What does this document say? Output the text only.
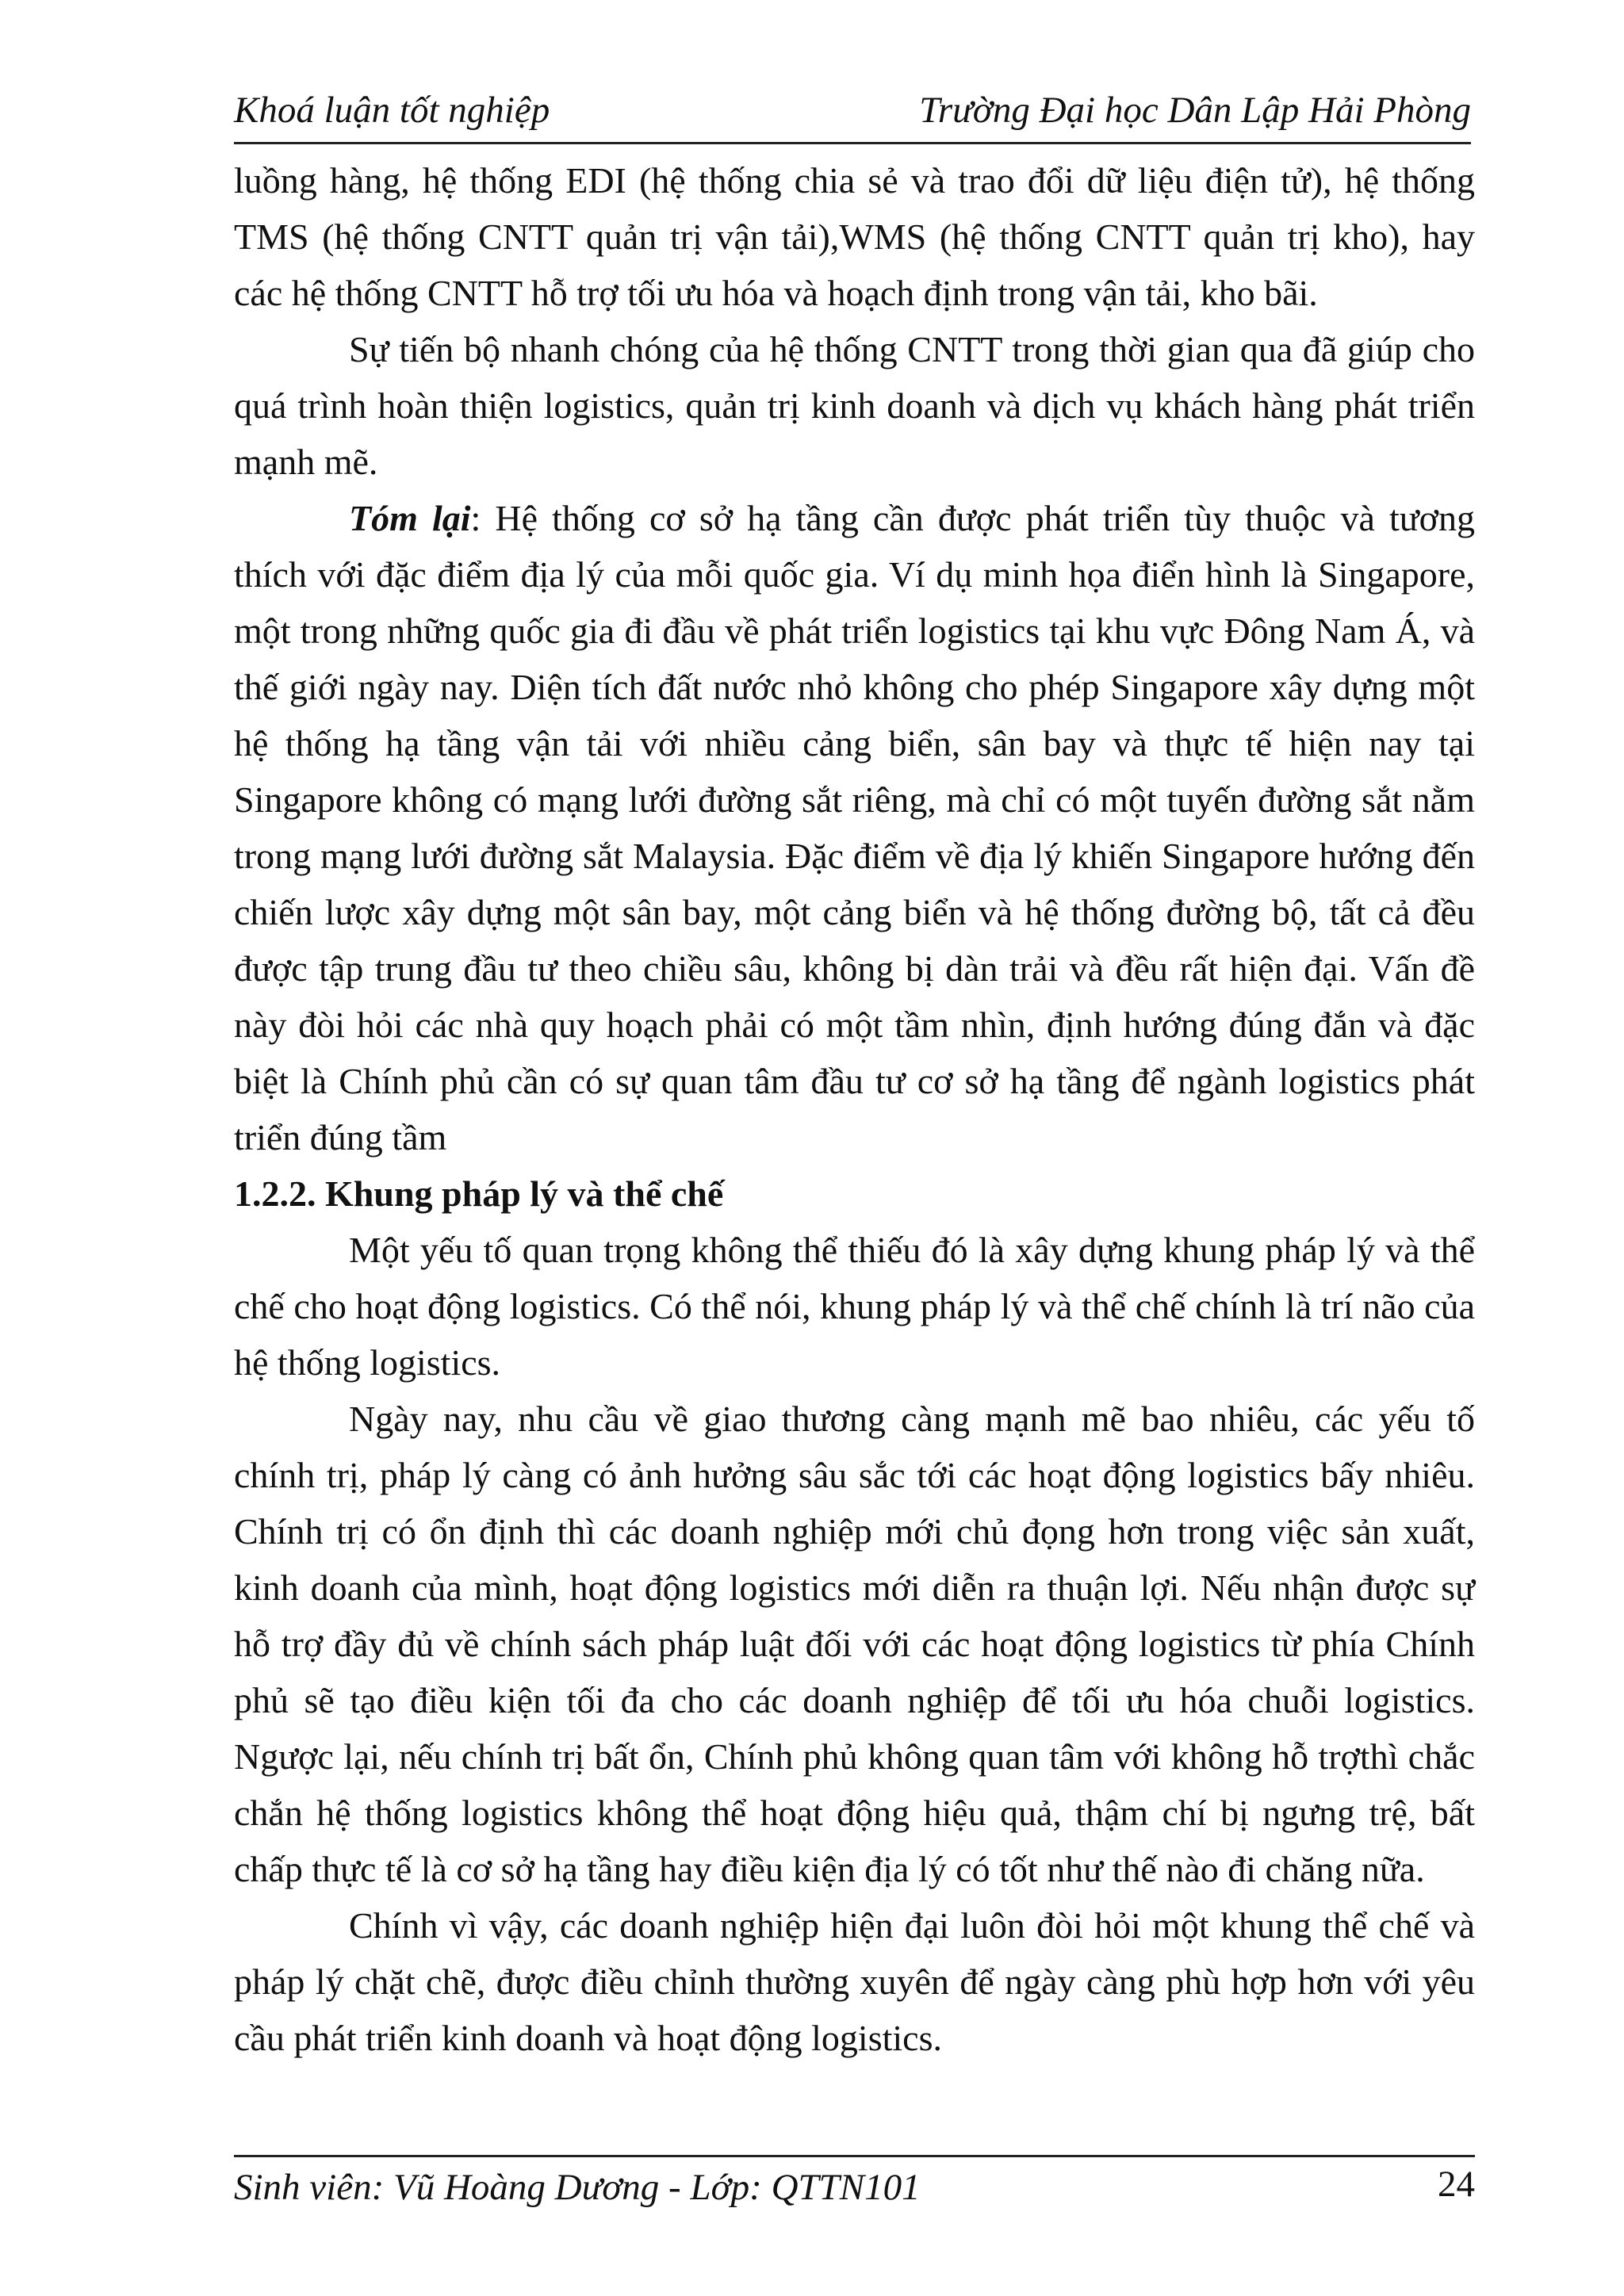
Khoá luận tốt nghiệp	Trường Đại học Dân Lập Hải Phòng

luồng hàng, hệ thống EDI (hệ thống chia sẻ và trao đổi dữ liệu điện tử), hệ thống TMS (hệ thống CNTT quản trị vận tải),WMS (hệ thống CNTT quản trị kho), hay các hệ thống CNTT hỗ trợ tối ưu hóa và hoạch định trong vận tải, kho bãi.

Sự tiến bộ nhanh chóng của hệ thống CNTT trong thời gian qua đã giúp cho quá trình hoàn thiện logistics, quản trị kinh doanh và dịch vụ khách hàng phát triển mạnh mẽ.

Tóm lại: Hệ thống cơ sở hạ tầng cần được phát triển tùy thuộc và tương thích với đặc điểm địa lý của mỗi quốc gia. Ví dụ minh họa điển hình là Singapore, một trong những quốc gia đi đầu về phát triển logistics tại khu vực Đông Nam Á, và thế giới ngày nay. Diện tích đất nước nhỏ không cho phép Singapore xây dựng một hệ thống hạ tầng vận tải với nhiều cảng biển, sân bay và thực tế hiện nay tại Singapore không có mạng lưới đường sắt riêng, mà chỉ có một tuyến đường sắt nằm trong mạng lưới đường sắt Malaysia. Đặc điểm về địa lý khiến Singapore hướng đến chiến lược xây dựng một sân bay, một cảng biển và hệ thống đường bộ, tất cả đều được tập trung đầu tư theo chiều sâu, không bị dàn trải và đều rất hiện đại. Vấn đề này đòi hỏi các nhà quy hoạch phải có một tầm nhìn, định hướng đúng đắn và đặc biệt là Chính phủ cần có sự quan tâm đầu tư cơ sở hạ tầng để ngành logistics phát triển đúng tầm

1.2.2. Khung pháp lý và thể chế

Một yếu tố quan trọng không thể thiếu đó là xây dựng khung pháp lý và thể chế cho hoạt động logistics. Có thể nói, khung pháp lý và thể chế chính là trí não của hệ thống logistics.

Ngày nay, nhu cầu về giao thương càng mạnh mẽ bao nhiêu, các yếu tố chính trị, pháp lý càng có ảnh hưởng sâu sắc tới các hoạt động logistics bấy nhiêu. Chính trị có ổn định thì các doanh nghiệp mới chủ đọng hơn trong việc sản xuất, kinh doanh của mình, hoạt động logistics mới diễn ra thuận lợi. Nếu nhận được sự hỗ trợ đầy đủ về chính sách pháp luật đối với các hoạt động logistics từ phía Chính phủ sẽ tạo điều kiện tối đa cho các doanh nghiệp để tối ưu hóa chuỗi logistics. Ngược lại, nếu chính trị bất ổn, Chính phủ không quan tâm với không hỗ trợthì chắc chắn hệ thống logistics không thể hoạt động hiệu quả, thậm chí bị ngưng trệ, bất chấp thực tế là cơ sở hạ tầng hay điều kiện địa lý có tốt như thế nào đi chăng nữa.

Chính vì vậy, các doanh nghiệp hiện đại luôn đòi hỏi một khung thể chế và pháp lý chặt chẽ, được điều chỉnh thường xuyên để ngày càng phù hợp hơn với yêu cầu phát triển kinh doanh và hoạt động logistics.

Sinh viên: Vũ Hoàng Dương - Lớp: QTTN101	24
